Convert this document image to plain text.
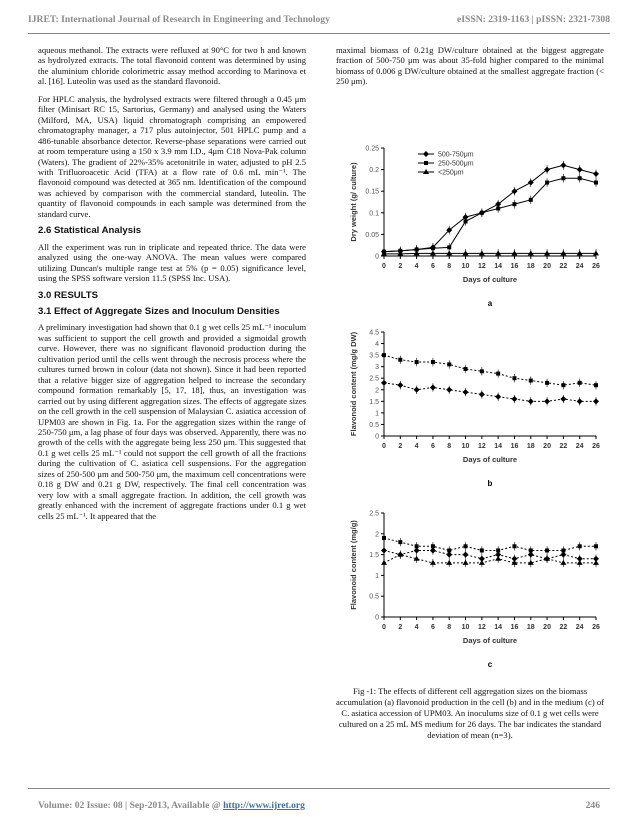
IJRET: International Journal of Research in Engineering and Technology	eISSN: 2319-1163 | pISSN: 2321-7308

aqueous methanol. The extracts were refluxed at 90°C for two h and known as hydrolyzed extracts. The total flavonoid content was determined by using the aluminium chloride colorimetric assay method according to Marinova et al. [16]. Luteolin was used as the standard flavonoid.

For HPLC analysis, the hydrolysed extracts were filtered through a 0.45 μm filter (Minisart RC 15, Sartorius, Germany) and analysed using the Waters (Milford, MA, USA) liquid chromatograph comprising an empowered chromatography manager, a 717 plus autoinjector, 501 HPLC pump and a 486-tunable absorbance detector. Reverse-phase separations were carried out at room temperature using a 150 x 3.9 mm I.D., 4μm C18 Nova-Pak column (Waters). The gradient of 22%-35% acetonitrile in water, adjusted to pH 2.5 with Trifluoroacetic Acid (TFA) at a flow rate of 0.6 mL min⁻¹. The flavonoid compound was detected at 365 nm. Identification of the compound was achieved by comparison with the commercial standard, luteolin. The quantity of flavonoid compounds in each sample was determined from the standard curve.

2.6 Statistical Analysis

All the experiment was run in triplicate and repeated thrice. The data were analyzed using the one-way ANOVA. The mean values were compared utilizing Duncan's multiple range test at 5% (p = 0.05) significance level, using the SPSS software version 11.5 (SPSS Inc. USA).

3.0 RESULTS
3.1 Effect of Aggregate Sizes and Inoculum Densities

A preliminary investigation had shown that 0.1 g wet cells 25 mL⁻¹ inoculum was sufficient to support the cell growth and provided a sigmoidal growth curve. However, there was no significant flavonoid production during the cultivation period until the cells went through the necrosis process where the cultures turned brown in colour (data not shown). Since it had been reported that a relative bigger size of aggregation helped to increase the secondary compound formation remarkably [5, 17, 18], thus, an investigation was carried out by using different aggregation sizes. The effects of aggregate sizes on the cell growth in the cell suspension of Malaysian C. asiatica accession of UPM03 are shown in Fig. 1a. For the aggregation sizes within the range of 250-750 μm, a lag phase of four days was observed. Apparently, there was no growth of the cells with the aggregate being less 250 μm. This suggested that 0.1 g wet cells 25 mL⁻¹ could not support the cell growth of all the fractions during the cultivation of C. asiatica cell suspensions. For the aggregation sizes of 250-500 μm and 500-750 μm, the maximum cell concentrations were 0.18 g DW and 0.21 g DW, respectively. The final cell concentration was very low with a small aggregate fraction. In addition, the cell growth was greatly enhanced with the increment of aggregate fractions under 0.1 g wet cells 25 mL⁻¹. It appeared that the

maximal biomass of 0.21g DW/culture obtained at the biggest aggregate fraction of 500-750 μm was about 35-fold higher compared to the minimal biomass of 0.006 g DW/culture obtained at the smallest aggregate fraction (< 250 μm).

0
0.05
0.1
0.15
0.2
0.25
0 2 4 6 8 10 12 14 16 18 20 22 24 26
Days of culture
Dry weight (g/ culture)
500-750μm
250-500μm
<250μm
a
0
0.5
1
1.5
2
2.5
3
3.5
4
4.5
0 2 4 6 8 10 12 14 16 18 20 22 24 26
Days of culture
Flavonoid content (mg/g DW)
b
0
0.5
1
1.5
2
2.5
0 2 4 6 8 10 12 14 16 18 20 22 24 26
Days of culture
Flavonoid content (mg/g)
c
Fig -1: The effects of different cell aggregation sizes on the biomass accumulation (a) flavonoid production in the cell (b) and in the medium (c) of C. asiatica accession of UPM03. An inoculums size of 0.1 g wet cells were cultured on a 25 mL MS medium for 26 days. The bar indicates the standard deviation of mean (n=3).
Volume: 02 Issue: 08 | Sep-2013, Available @ http://www.ijret.org	246
